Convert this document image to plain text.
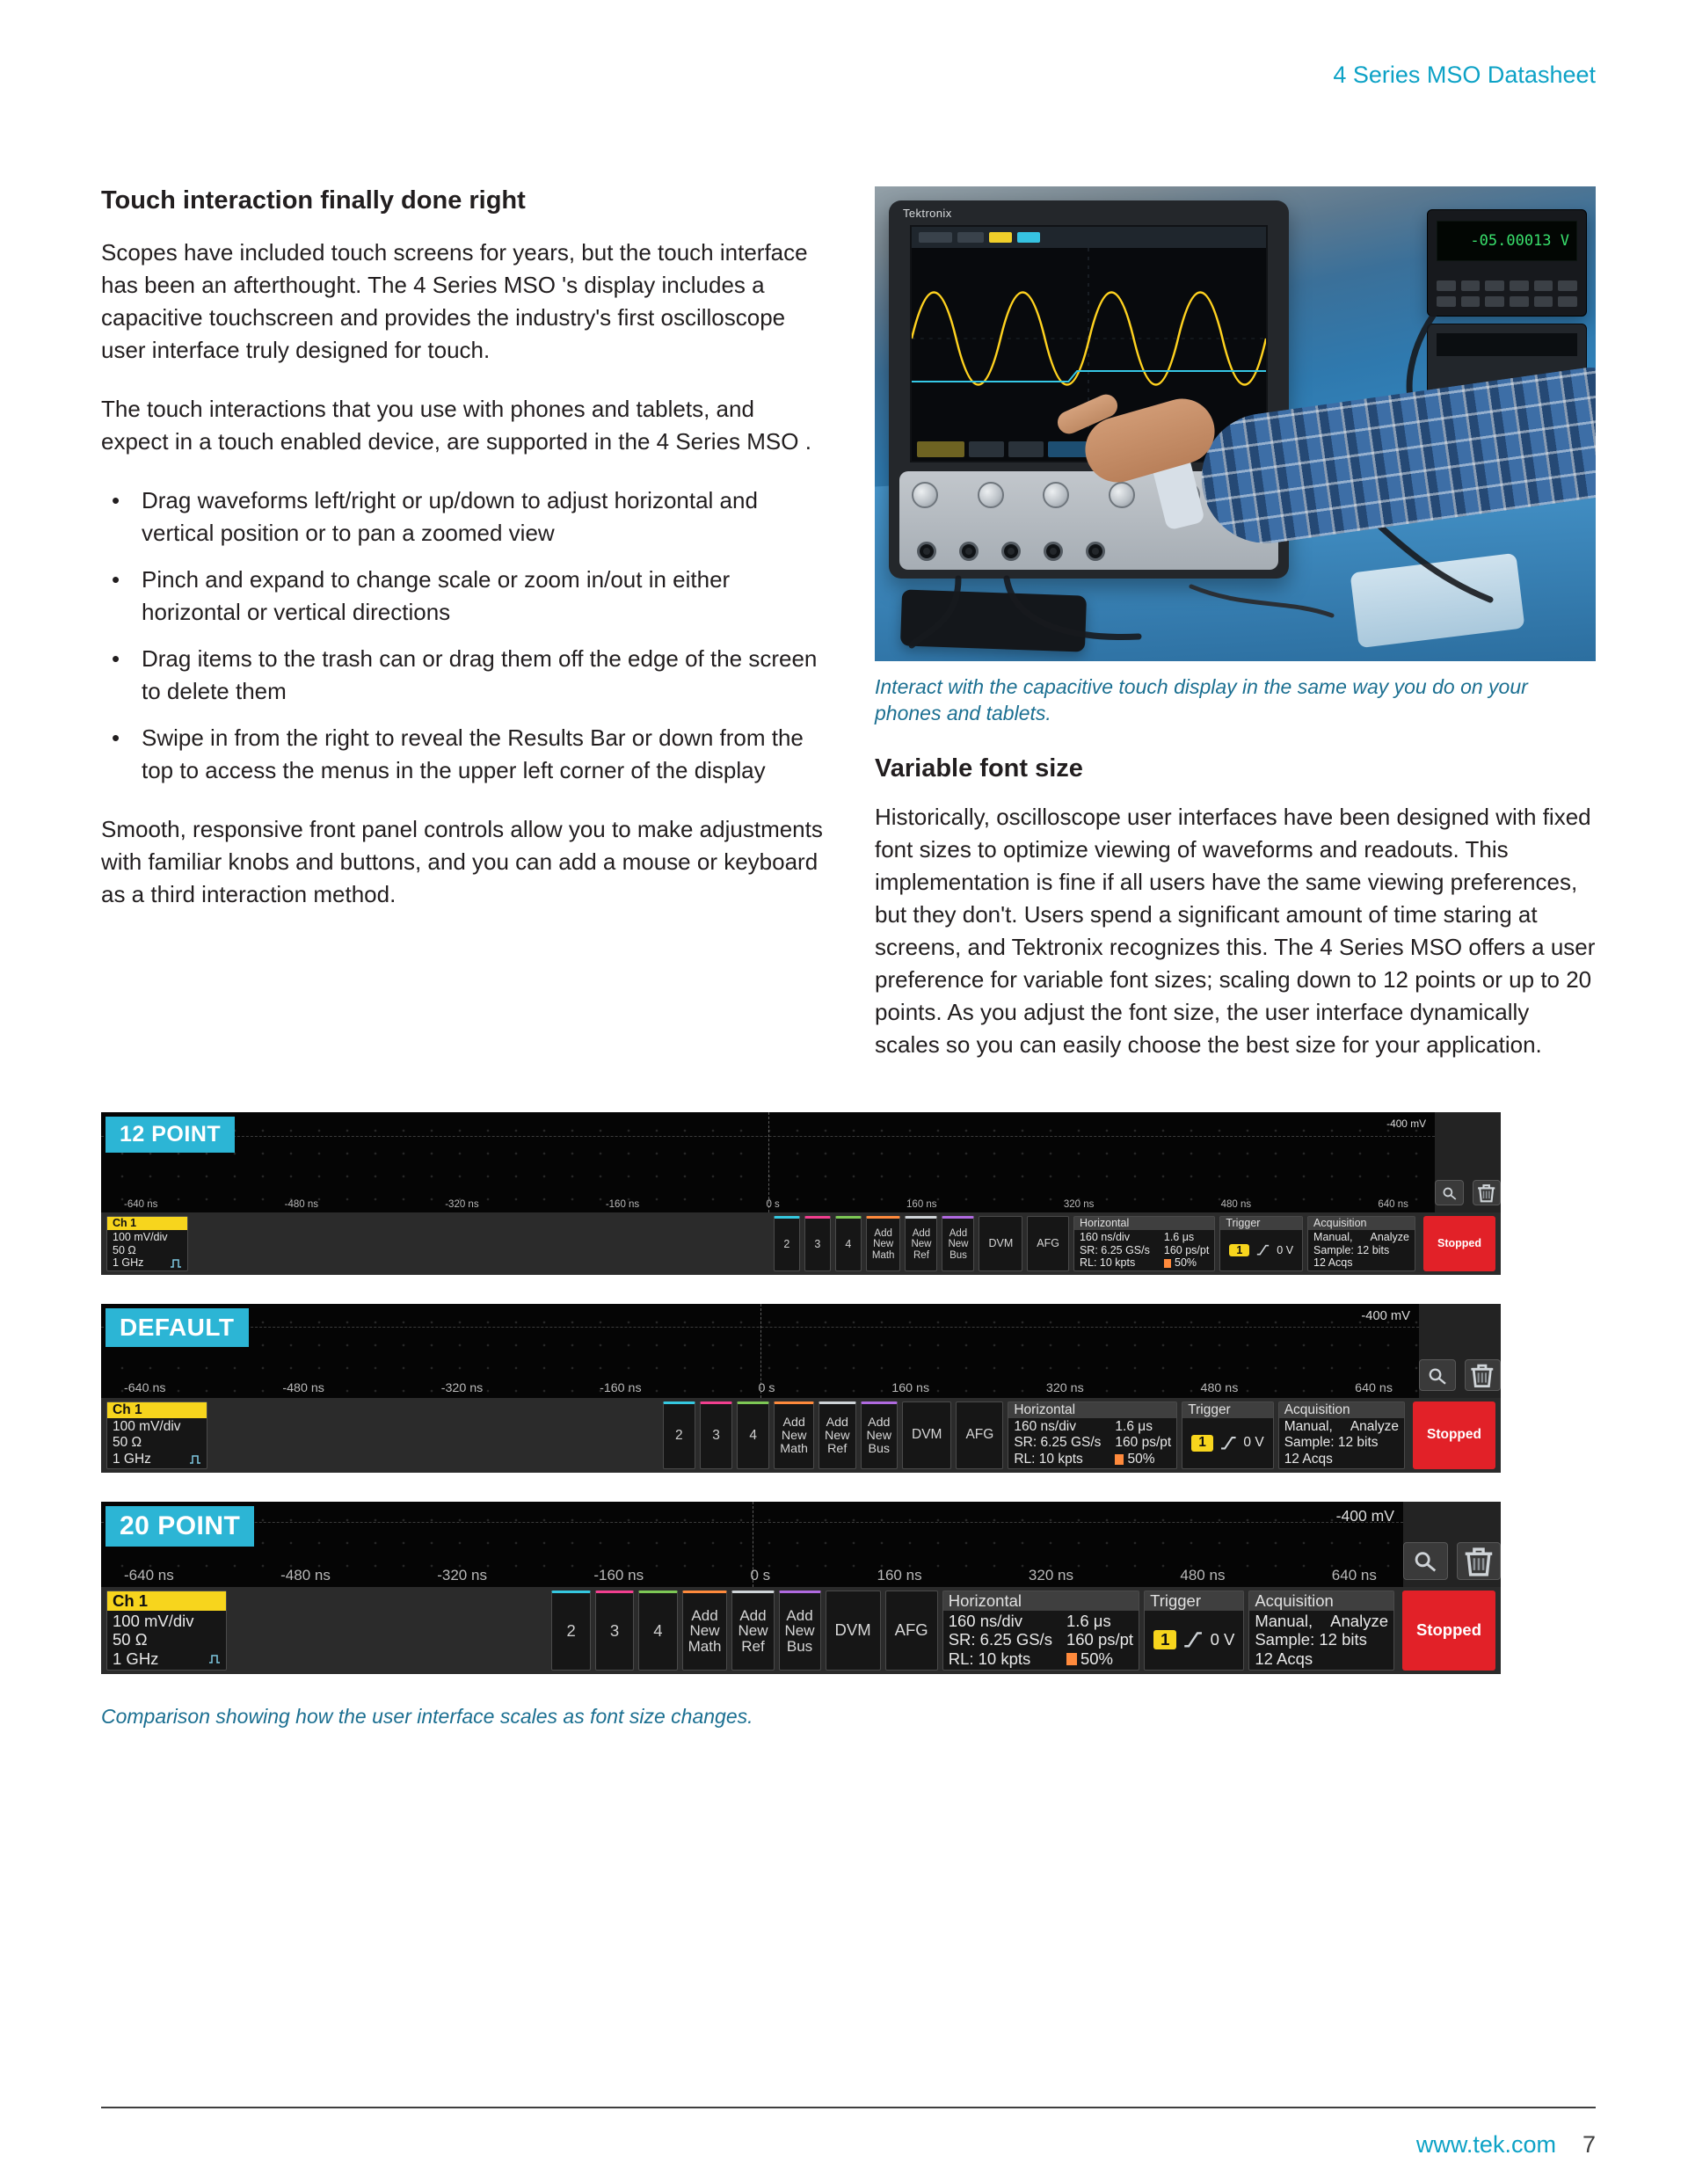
4 Series MSO Datasheet
Touch interaction finally done right

Scopes have included touch screens for years, but the touch interface has been an afterthought. The 4 Series MSO 's display includes a capacitive touchscreen and provides the industry's first oscilloscope user interface truly designed for touch.

The touch interactions that you use with phones and tablets, and expect in a touch enabled device, are supported in the 4 Series MSO .

• Drag waveforms left/right or up/down to adjust horizontal and vertical position or to pan a zoomed view
• Pinch and expand to change scale or zoom in/out in either horizontal or vertical directions
• Drag items to the trash can or drag them off the edge of the screen to delete them
• Swipe in from the right to reveal the Results Bar or down from the top to access the menus in the upper left corner of the display

Smooth, responsive front panel controls allow you to make adjustments with familiar knobs and buttons, and you can add a mouse or keyboard as a third interaction method.

Tektronix
-05.00013 V

Interact with the capacitive touch display in the same way you do on your phones and tablets.

Variable font size

Historically, oscilloscope user interfaces have been designed with fixed font sizes to optimize viewing of waveforms and readouts. This implementation is fine if all users have the same viewing preferences, but they don't. Users spend a significant amount of time staring at screens, and Tektronix recognizes this. The 4 Series MSO offers a user preference for variable font sizes; scaling down to 12 points or up to 20 points. As you adjust the font size, the user interface dynamically scales so you can easily choose the best size for your application.

12 POINT	-400 mV
-640 ns	-480 ns	-320 ns	-160 ns	0 s	160 ns	320 ns	480 ns	640 ns
Ch 1
100 mV/div
50 Ω
1 GHz
2 3 4
Add
New
Math
Add
New
Ref
Add
New
Bus
DVM AFG
Horizontal
160 ns/div	1.6 μs
SR: 6.25 GS/s 160 ps/pt
RL: 10 kpts	50%
Trigger
1	0 V
Acquisition
Manual, Analyze
Sample: 12 bits
12 Acqs
Stopped
DEFAULT	-400 mV
-640 ns	-480 ns	-320 ns	-160 ns	0 s	160 ns	320 ns	480 ns	640 ns
Ch 1
100 mV/div
50 Ω
1 GHz
2 3 4
Add
New
Math
Add
New
Ref
Add
New
Bus
DVM AFG
Horizontal
160 ns/div	1.6 μs
SR: 6.25 GS/s 160 ps/pt
RL: 10 kpts	50%
Trigger
1	0 V
Acquisition
Manual, Analyze
Sample: 12 bits
12 Acqs
Stopped
20 POINT	-400 mV
-640 ns	-480 ns	-320 ns	-160 ns	0 s	160 ns	320 ns	480 ns	640 ns
Ch 1
100 mV/div
50 Ω
1 GHz
2 3 4
Add
New
Math
Add
New
Ref
Add
New
Bus
DVM AFG
Horizontal
160 ns/div	1.6 μs
SR: 6.25 GS/s 160 ps/pt
RL: 10 kpts	50%
Trigger
1	0 V
Acquisition
Manual, Analyze
Sample: 12 bits
12 Acqs
Stopped

Comparison showing how the user interface scales as font size changes.

www.tek.com 7
